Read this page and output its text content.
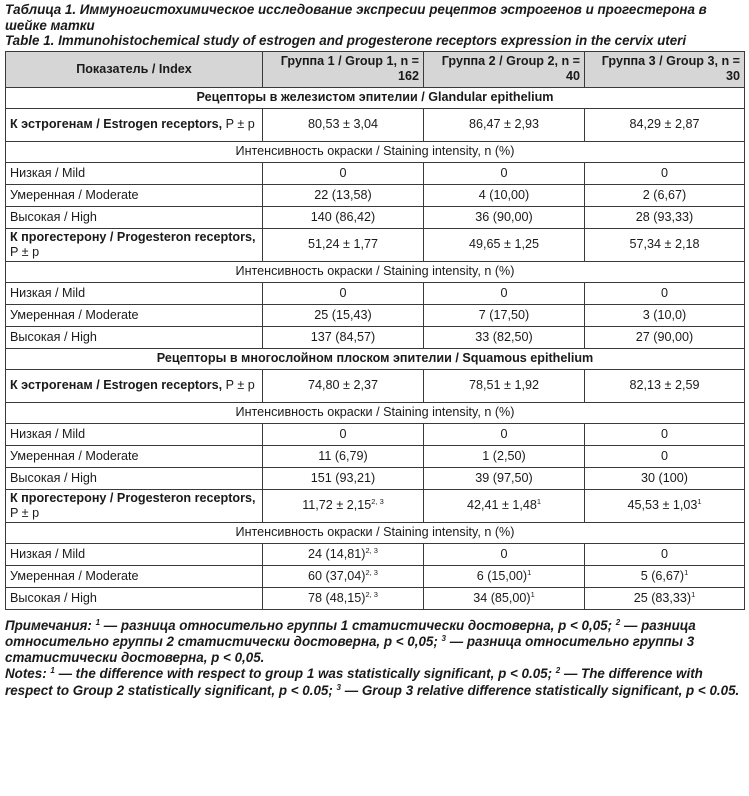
Таблица 1. Иммуногистохимическое исследование экспресии рецептов эстрогенов и прогестерона в шейке матки
Table 1. Immunohistochemical study of estrogen and progesterone receptors expression in the cervix uteri
Показатель / Index	Группа 1 / Group 1, n = 162	Группа 2 / Group 2, n = 40	Группа 3 / Group 3, n = 30
Рецепторы в железистом эпителии / Glandular epithelium			
К эстрогенам / Estrogen receptors, P ± p	80,53 ± 3,04	86,47 ± 2,93	84,29 ± 2,87
Интенсивность окраски / Staining intensity, n (%)			
Низкая / Mild	0	0	0
Умеренная / Moderate	22 (13,58)	4 (10,00)	2 (6,67)
Высокая / High	140 (86,42)	36 (90,00)	28 (93,33)
К прогестерону / Progesteron receptors, P ± p	51,24 ± 1,77	49,65 ± 1,25	57,34 ± 2,18
Интенсивность окраски / Staining intensity, n (%)			
Низкая / Mild	0	0	0
Умеренная / Moderate	25 (15,43)	7 (17,50)	3 (10,0)
Высокая / High	137 (84,57)	33 (82,50)	27 (90,00)
Рецепторы в многослойном плоском эпителии / Squamous epithelium			
К эстрогенам / Estrogen receptors, P ± p	74,80 ± 2,37	78,51 ± 1,92	82,13 ± 2,59
Интенсивность окраски / Staining intensity, n (%)			
Низкая / Mild	0	0	0
Умеренная / Moderate	11 (6,79)	1 (2,50)	0
Высокая / High	151 (93,21)	39 (97,50)	30 (100)
К прогестерону / Progesteron receptors, P ± p	$11,72 \pm 2,15^{2, 3}$	$42,41 \pm 1,48^1$	$45,53 \pm 1,03^1$
Интенсивность окраски / Staining intensity, n (%)			
Низкая / Mild	24 $(14,81)^{2, 3}$	0	0
Умеренная / Moderate	60 $(37,04)^{2, 3}$	6 $(15,00)^1$	5 $(6,67)^1$
Высокая / High	78 $(48,15)^{2, 3}$	34 $(85,00)^1$	25 $(83,33)^1$
Примечания: $^1$ — разница относительно группы 1 статистически достоверна, р < 0,05; $^2$ — разница относительно группы 2 статистически достоверна, р < 0,05; $^3$ — разница относительно группы 3 статистически достоверна, р < 0,05.
Notes: $^1$ — the difference with respect to group 1 was statistically significant, p < 0.05; $^2$ — The difference with respect to Group 2 statistically significant, p < 0.05; $^3$ — Group 3 relative difference statistically significant, p < 0.05.
